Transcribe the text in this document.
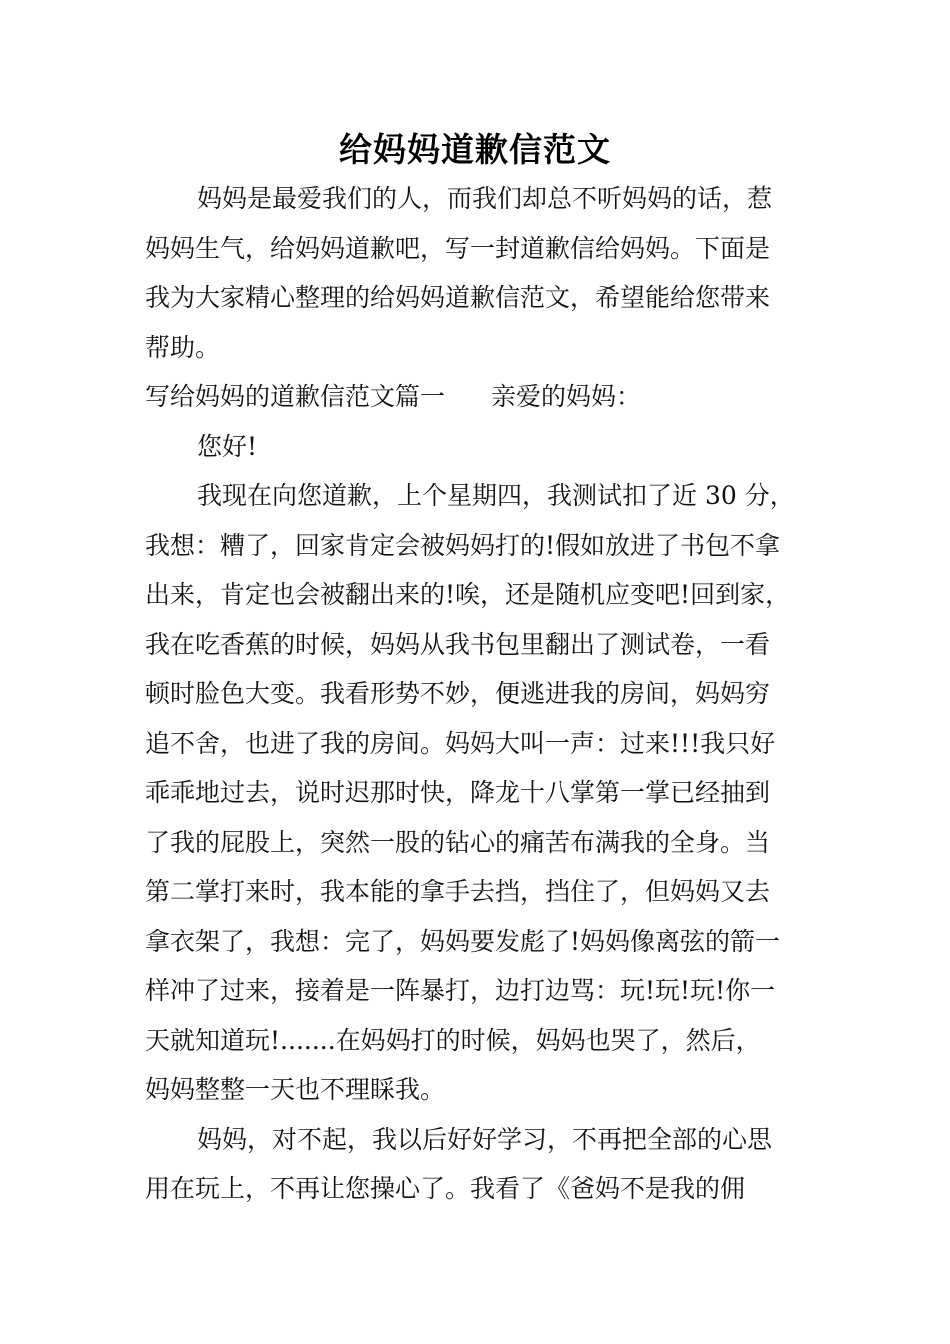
给妈妈道歉信范文
妈妈是最爱我们的人，而我们却总不听妈妈的话，惹
妈妈生气，给妈妈道歉吧，写一封道歉信给妈妈。下面是
我为大家精心整理的给妈妈道歉信范文，希望能给您带来
帮助。
写给妈妈的道歉信范文篇一 亲爱的妈妈：
您好!
我现在向您道歉，上个星期四，我测试扣了近 30 分，
我想：糟了，回家肯定会被妈妈打的!假如放进了书包不拿
出来，肯定也会被翻出来的!唉，还是随机应变吧!回到家，
我在吃香蕉的时候，妈妈从我书包里翻出了测试卷，一看
顿时脸色大变。我看形势不妙，便逃进我的房间，妈妈穷
追不舍，也进了我的房间。妈妈大叫一声：过来!!!我只好
乖乖地过去，说时迟那时快，降龙十八掌第一掌已经抽到
了我的屁股上，突然一股的钻心的痛苦布满我的全身。当
第二掌打来时，我本能的拿手去挡，挡住了，但妈妈又去
拿衣架了，我想：完了，妈妈要发彪了!妈妈像离弦的箭一
样冲了过来，接着是一阵暴打，边打边骂：玩!玩!玩!你一
天就知道玩!.......在妈妈打的时候，妈妈也哭了，然后，
妈妈整整一天也不理睬我。
妈妈，对不起，我以后好好学习，不再把全部的心思
用在玩上，不再让您操心了。我看了《爸妈不是我的佣
